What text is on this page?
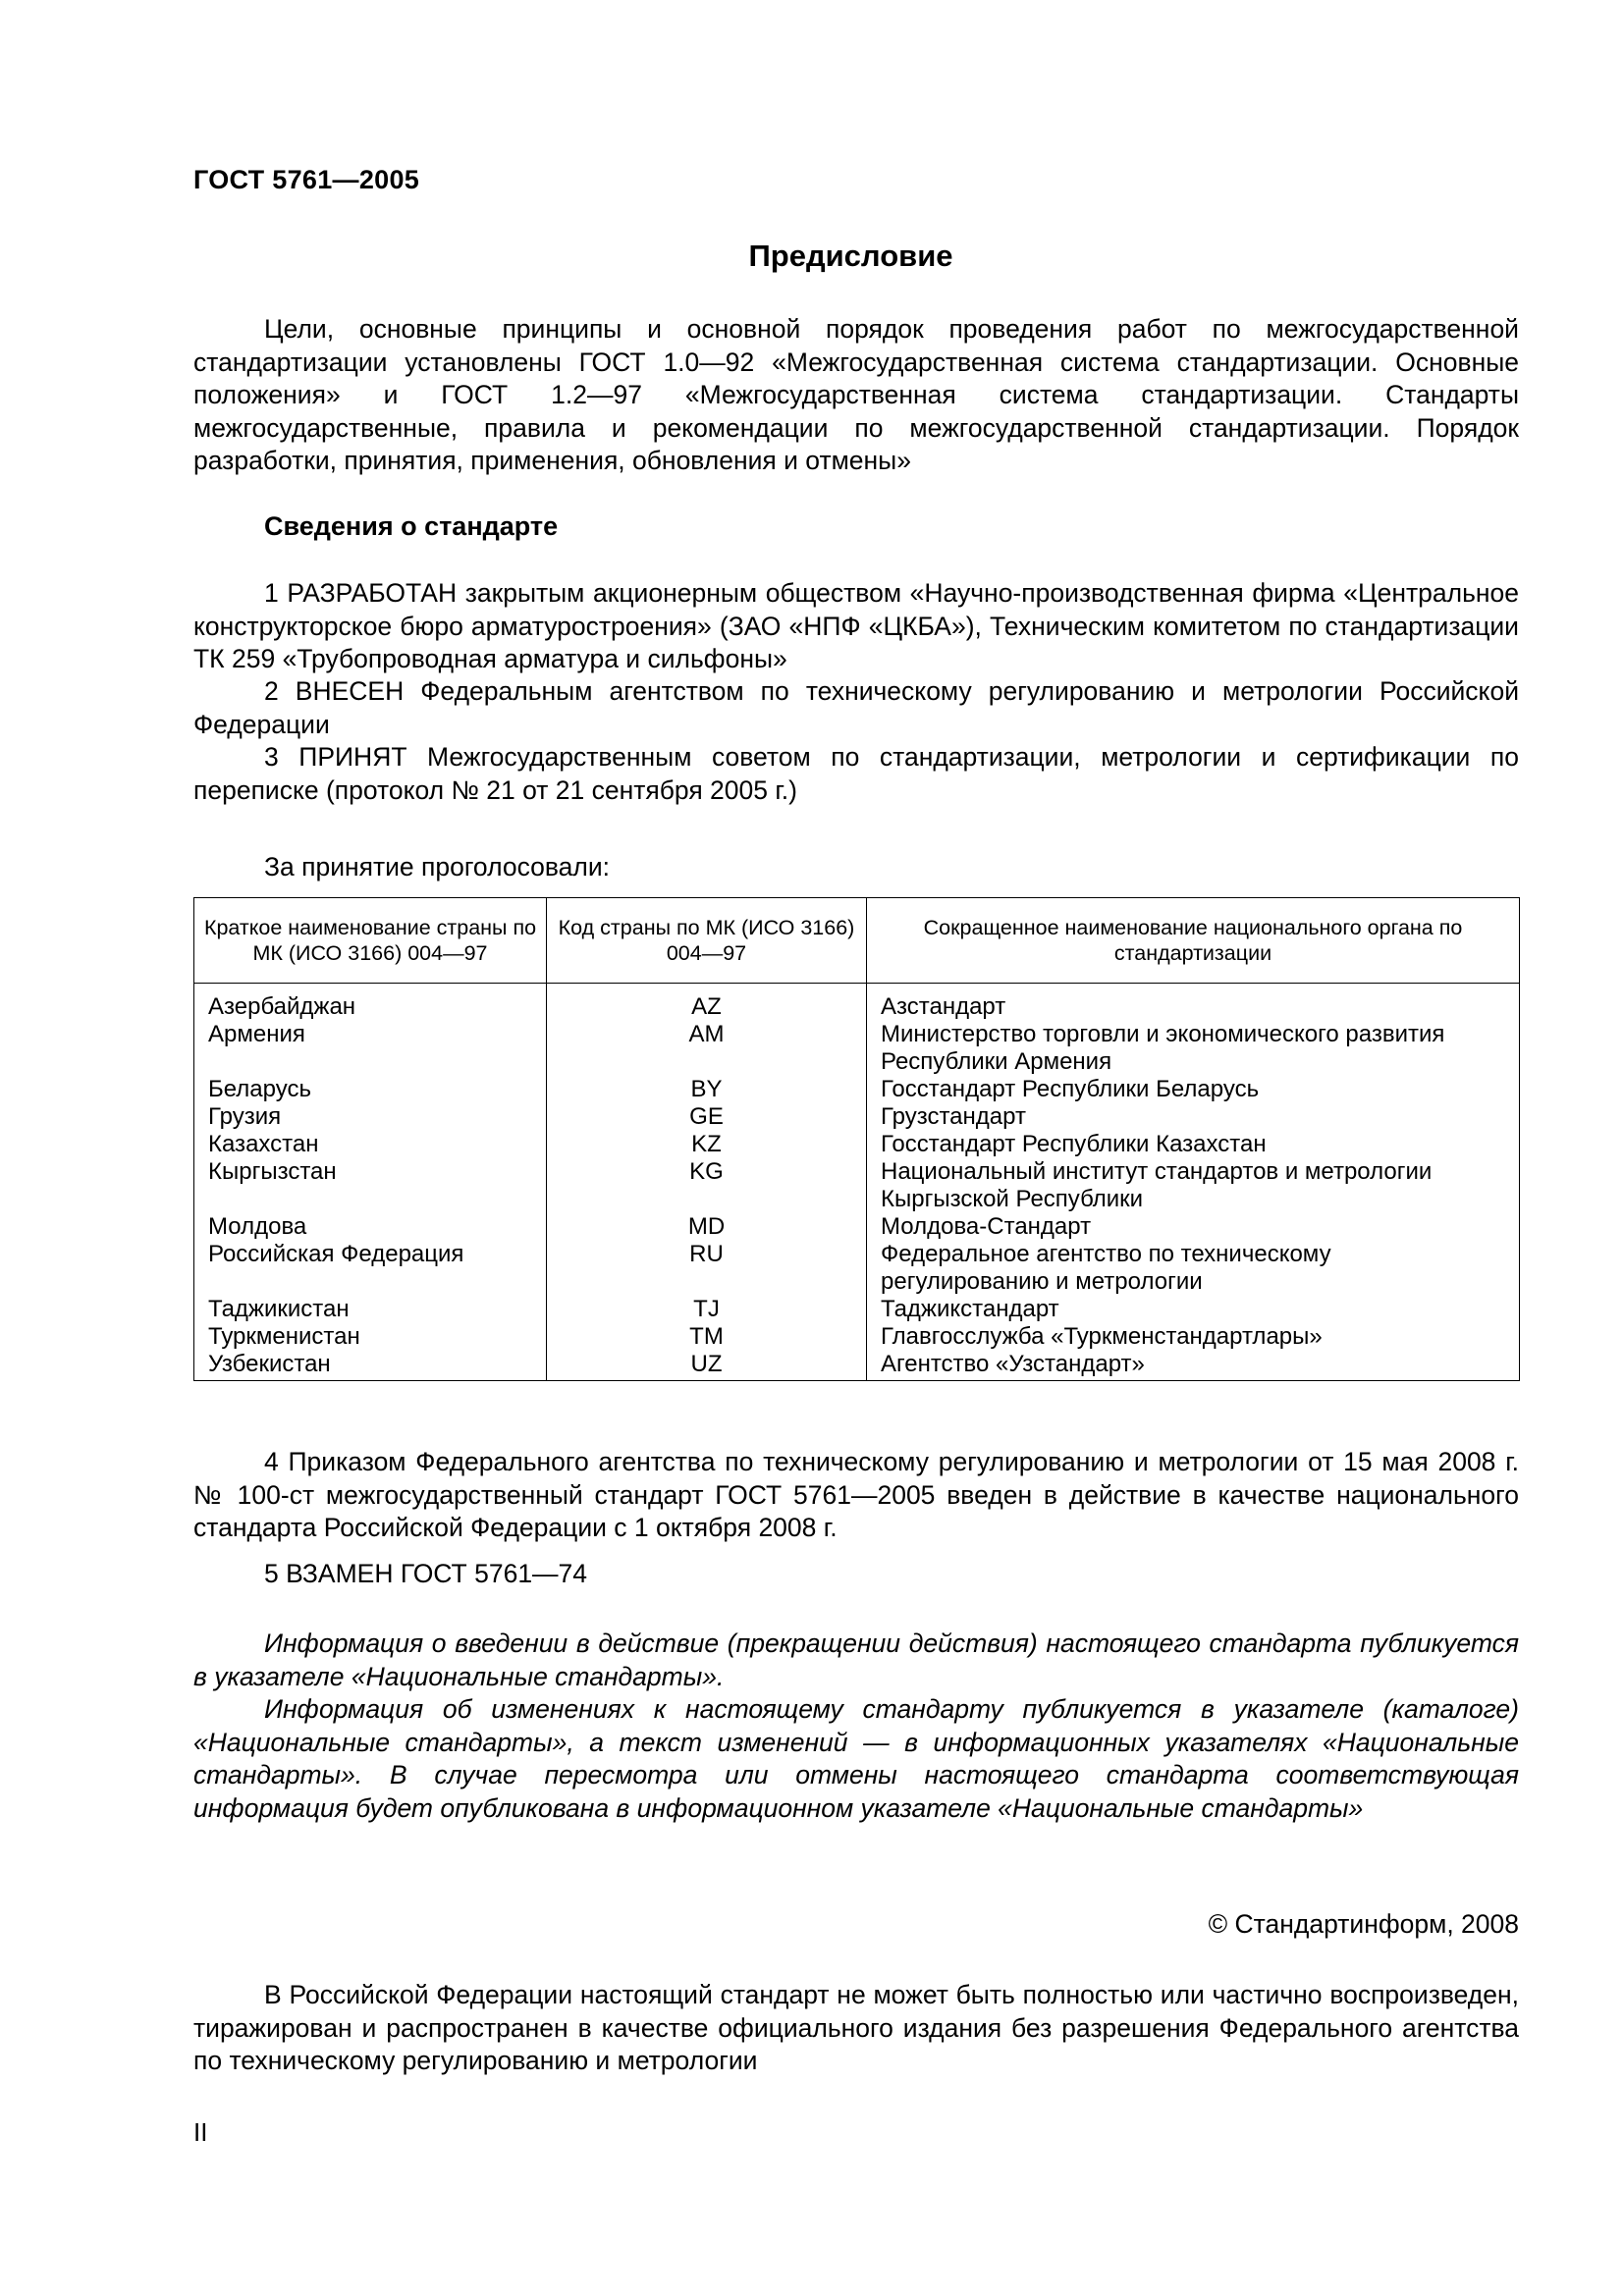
ГОСТ 5761—2005
Предисловие

Цели, основные принципы и основной порядок проведения работ по межгосударственной стандартизации установлены ГОСТ 1.0—92 «Межгосударственная система стандартизации. Основные положения» и ГОСТ 1.2—97 «Межгосударственная система стандартизации. Стандарты межгосударственные, правила и рекомендации по межгосударственной стандартизации. Порядок разработки, принятия, применения, обновления и отмены»

Сведения о стандарте

1 РАЗРАБОТАН закрытым акционерным обществом «Научно-производственная фирма «Центральное конструкторское бюро арматуростроения» (ЗАО «НПФ «ЦКБА»), Техническим комитетом по стандартизации ТК 259 «Трубопроводная арматура и сильфоны»

2 ВНЕСЕН Федеральным агентством по техническому регулированию и метрологии Российской Федерации

3 ПРИНЯТ Межгосударственным советом по стандартизации, метрологии и сертификации по переписке (протокол № 21 от 21 сентября 2005 г.)

За принятие проголосовали:
Краткое наименование страны по МК (ИСО 3166) 004—97	Код страны по МК (ИСО 3166) 004—97	Сокращенное наименование национального органа по стандартизации
Азербайджан	AZ	Азстандарт
Армения	AM	Министерство торговли и экономического развития Республики Армения
Беларусь	BY	Госстандарт Республики Беларусь
Грузия	GE	Грузстандарт
Казахстан	KZ	Госстандарт Республики Казахстан
Кыргызстан	KG	Национальный институт стандартов и метрологии Кыргызской Республики
Молдова	MD	Молдова-Стандарт
Российская Федерация	RU	Федеральное агентство по техническому регулированию и метрологии
Таджикистан	TJ	Таджикстандарт
Туркменистан	TM	Главгосслужба «Туркменстандартлары»
Узбекистан	UZ	Агентство «Узстандарт»

4 Приказом Федерального агентства по техническому регулированию и метрологии от 15 мая 2008 г. № 100-ст межгосударственный стандарт ГОСТ 5761—2005 введен в действие в качестве национального стандарта Российской Федерации с 1 октября 2008 г.

5 ВЗАМЕН ГОСТ 5761—74

Информация о введении в действие (прекращении действия) настоящего стандарта публикуется в указателе «Национальные стандарты».

Информация об изменениях к настоящему стандарту публикуется в указателе (каталоге) «Национальные стандарты», а текст изменений — в информационных указателях «Национальные стандарты». В случае пересмотра или отмены настоящего стандарта соответствующая информация будет опубликована в информационном указателе «Национальные стандарты»

© Стандартинформ, 2008

В Российской Федерации настоящий стандарт не может быть полностью или частично воспроизведен, тиражирован и распространен в качестве официального издания без разрешения Федерального агентства по техническому регулированию и метрологии

II
